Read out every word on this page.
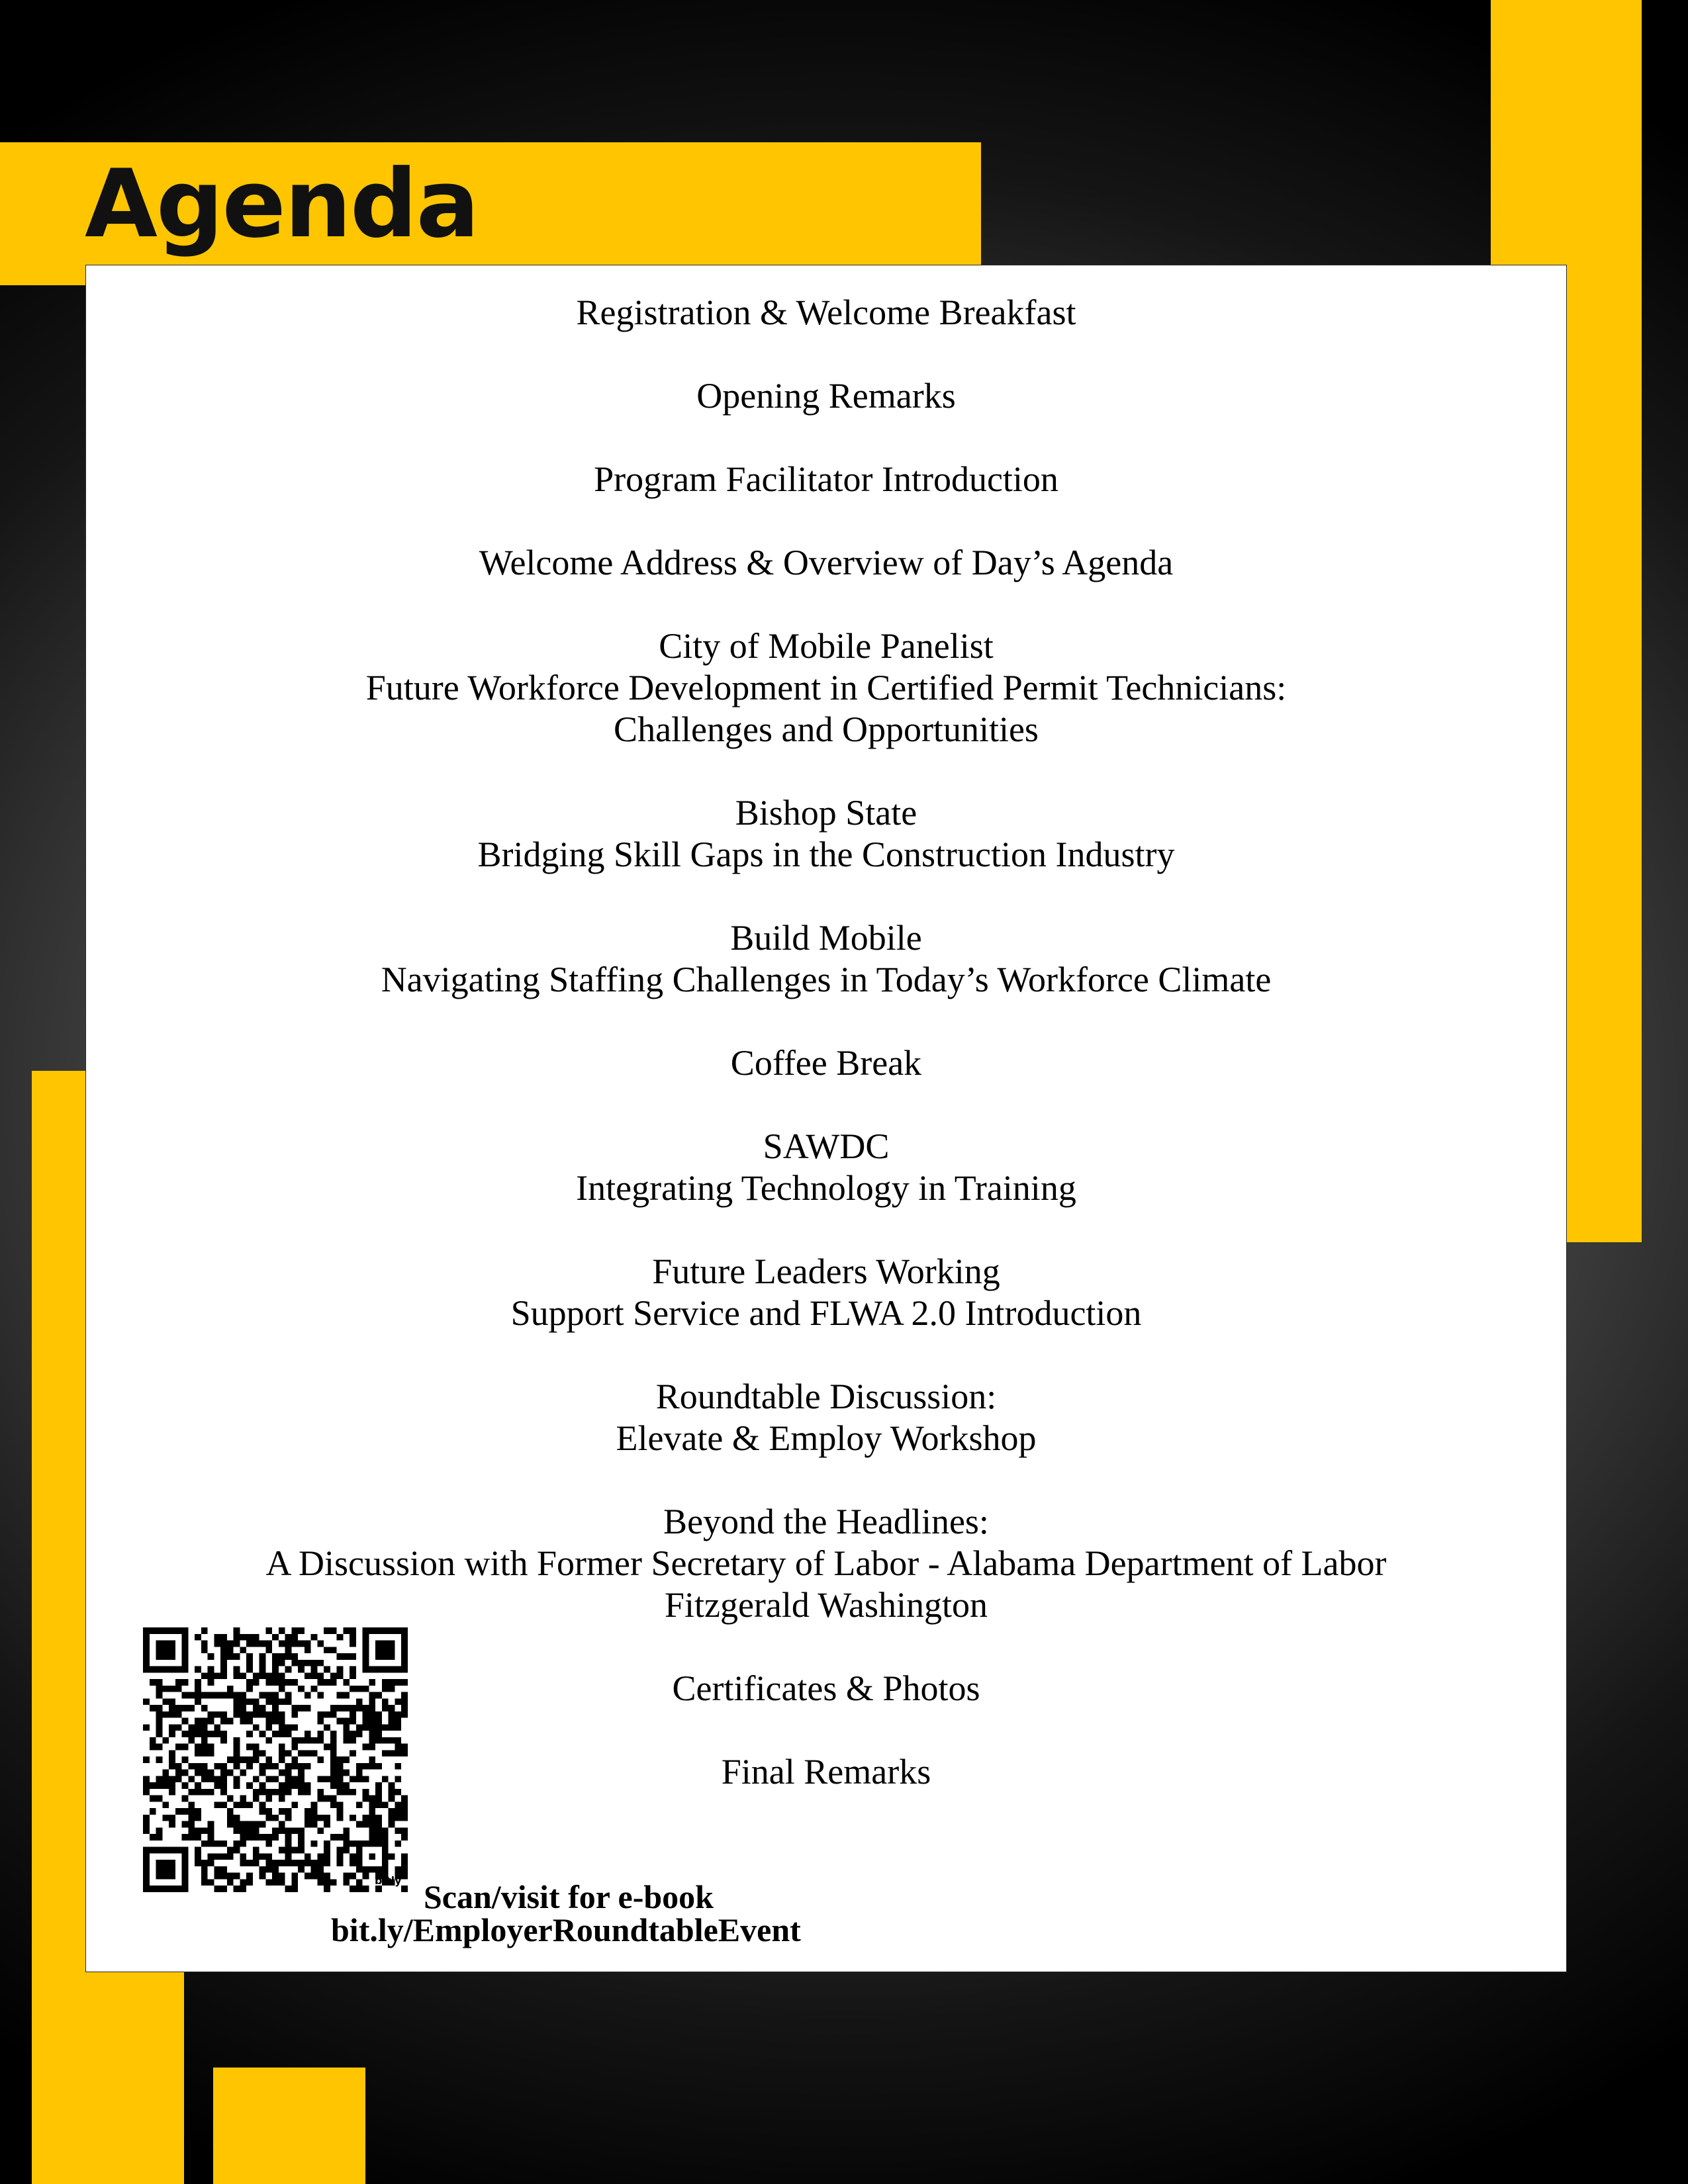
Agenda
Registration & Welcome Breakfast
Opening Remarks
Program Facilitator Introduction
Welcome Address & Overview of Day’s Agenda
City of Mobile Panelist
Future Workforce Development in Certified Permit Technicians:
Challenges and Opportunities
Bishop State
Bridging Skill Gaps in the Construction Industry
Build Mobile
Navigating Staffing Challenges in Today’s Workforce Climate
Coffee Break
SAWDC
Integrating Technology in Training
Future Leaders Working
Support Service and FLWA 2.0 Introduction
Roundtable Discussion:
Elevate & Employ Workshop
Beyond the Headlines:
A Discussion with Former Secretary of Labor - Alabama Department of Labor
Fitzgerald Washington
Certificates & Photos
Final Remarks
bitly Scan/visit for e-book
bit.ly/EmployerRoundtableEvent
